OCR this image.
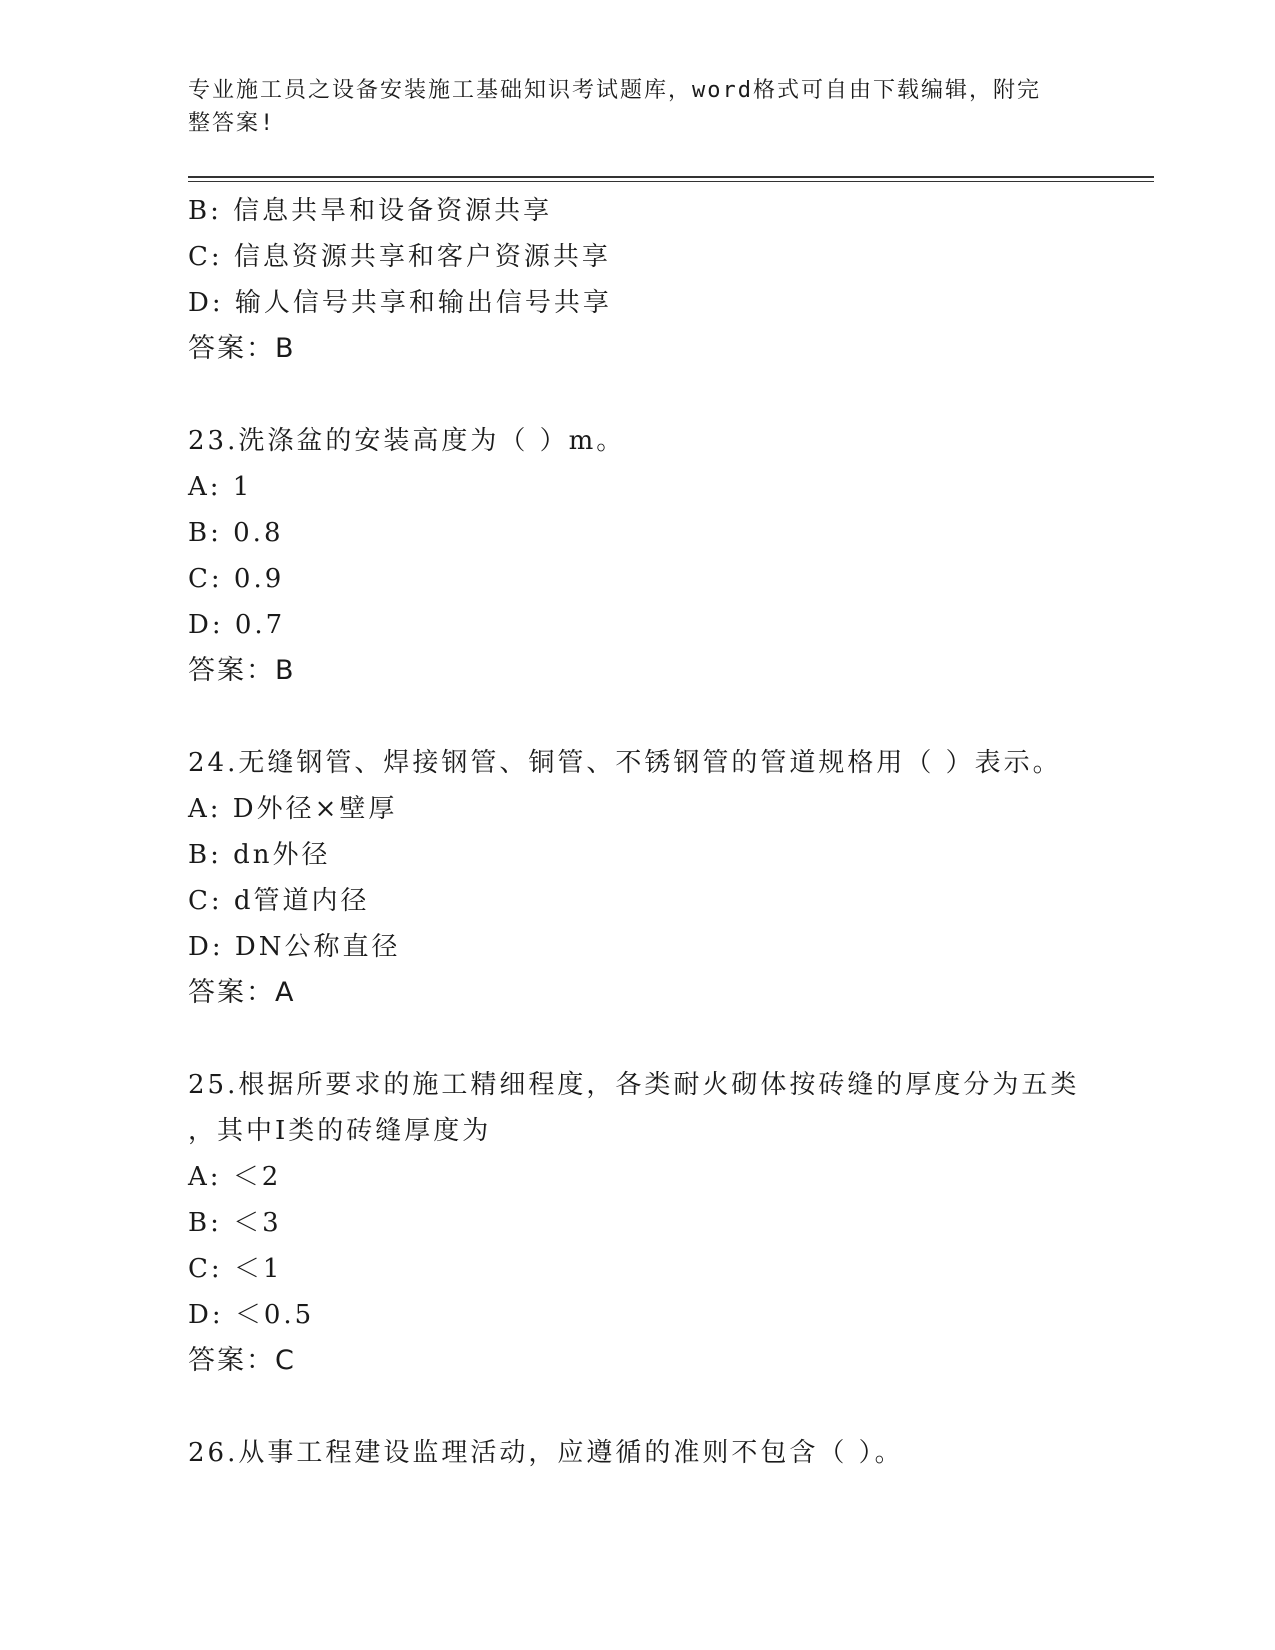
专业施工员之设备安装施工基础知识考试题库，word格式可自由下载编辑，附完
整答案!
B: 信息共旱和设备资源共享
C: 信息资源共享和客户资源共享
D: 输人信号共享和输出信号共享
答案：B
23.洗涤盆的安装高度为（ ）m。
A: 1
B: 0.8
C: 0.9
D: 0.7
答案：B
24.无缝钢管、焊接钢管、铜管、不锈钢管的管道规格用（ ）表示。
A: D外径×壁厚
B: dn外径
C: d管道内径
D: DN公称直径
答案：A
25.根据所要求的施工精细程度，各类耐火砌体按砖缝的厚度分为五类
，其中I类的砖缝厚度为
A: ＜2
B: ＜3
C: ＜1
D: ＜0.5
答案：C
26.从事工程建设监理活动，应遵循的准则不包含（ ）。
